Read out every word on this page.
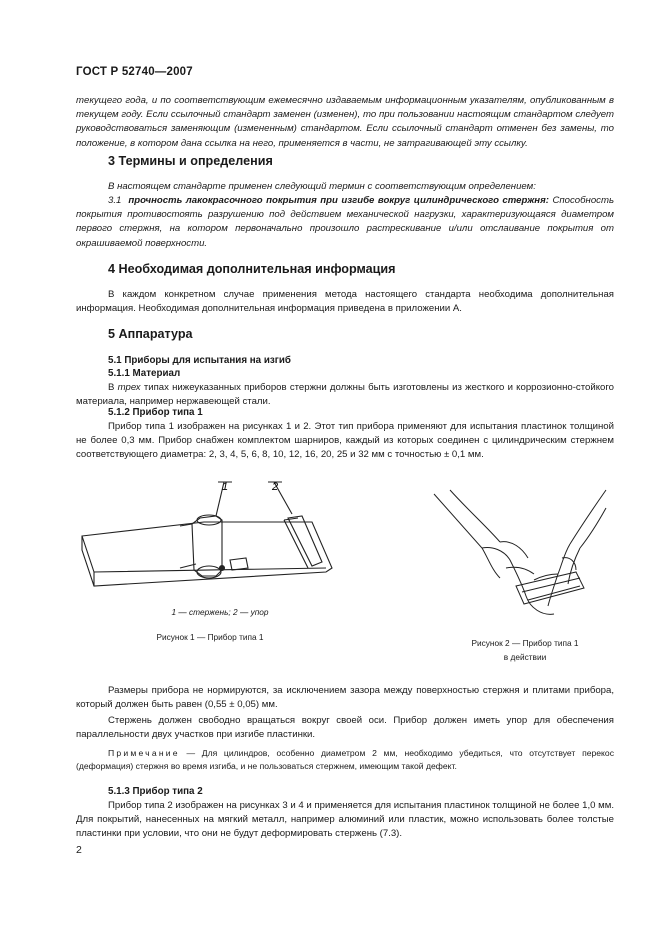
ГОСТ Р 52740—2007
текущего года, и по соответствующим ежемесячно издаваемым информационным указателям, опубликованным в текущем году. Если ссылочный стандарт заменен (изменен), то при пользовании настоящим стандартом следует руководствоваться заменяющим (измененным) стандартом. Если ссылочный стандарт отменен без замены, то положение, в котором дана ссылка на него, применяется в части, не затрагивающей эту ссылку.
3 Термины и определения
В настоящем стандарте применен следующий термин с соответствующим определением:
3.1 прочность лакокрасочного покрытия при изгибе вокруг цилиндрического стержня: Способность покрытия противостоять разрушению под действием механической нагрузки, характеризующаяся диаметром первого стержня, на котором первоначально произошло растрескивание и/или отслаивание покрытия от окрашиваемой поверхности.
4 Необходимая дополнительная информация
В каждом конкретном случае применения метода настоящего стандарта необходима дополнительная информация. Необходимая дополнительная информация приведена в приложении А.
5 Аппаратура
5.1 Приборы для испытания на изгиб
5.1.1 Материал
В трех типах нижеуказанных приборов стержни должны быть изготовлены из жесткого и коррозионно-стойкого материала, например нержавеющей стали.
5.1.2 Прибор типа 1
Прибор типа 1 изображен на рисунках 1 и 2. Этот тип прибора применяют для испытания пластинок толщиной не более 0,3 мм. Прибор снабжен комплектом шарниров, каждый из которых соединен с цилиндрическим стержнем соответствующего диаметра: 2, 3, 4, 5, 6, 8, 10, 12, 16, 20, 25 и 32 мм с точностью ± 0,1 мм.
1	2
1 — стержень; 2 — упор
Рисунок 1 — Прибор типа 1
Рисунок 2 — Прибор типа 1
в действии
Размеры прибора не нормируются, за исключением зазора между поверхностью стержня и плитами прибора, который должен быть равен (0,55 ± 0,05) мм.
Стержень должен свободно вращаться вокруг своей оси. Прибор должен иметь упор для обеспечения параллельности двух участков при изгибе пластинки.
Примечание — Для цилиндров, особенно диаметром 2 мм, необходимо убедиться, что отсутствует перекос (деформация) стержня во время изгиба, и не пользоваться стержнем, имеющим такой дефект.
5.1.3 Прибор типа 2
Прибор типа 2 изображен на рисунках 3 и 4 и применяется для испытания пластинок толщиной не более 1,0 мм. Для покрытий, нанесенных на мягкий металл, например алюминий или пластик, можно использовать более толстые пластинки при условии, что они не будут деформировать стержень (7.3).
2
